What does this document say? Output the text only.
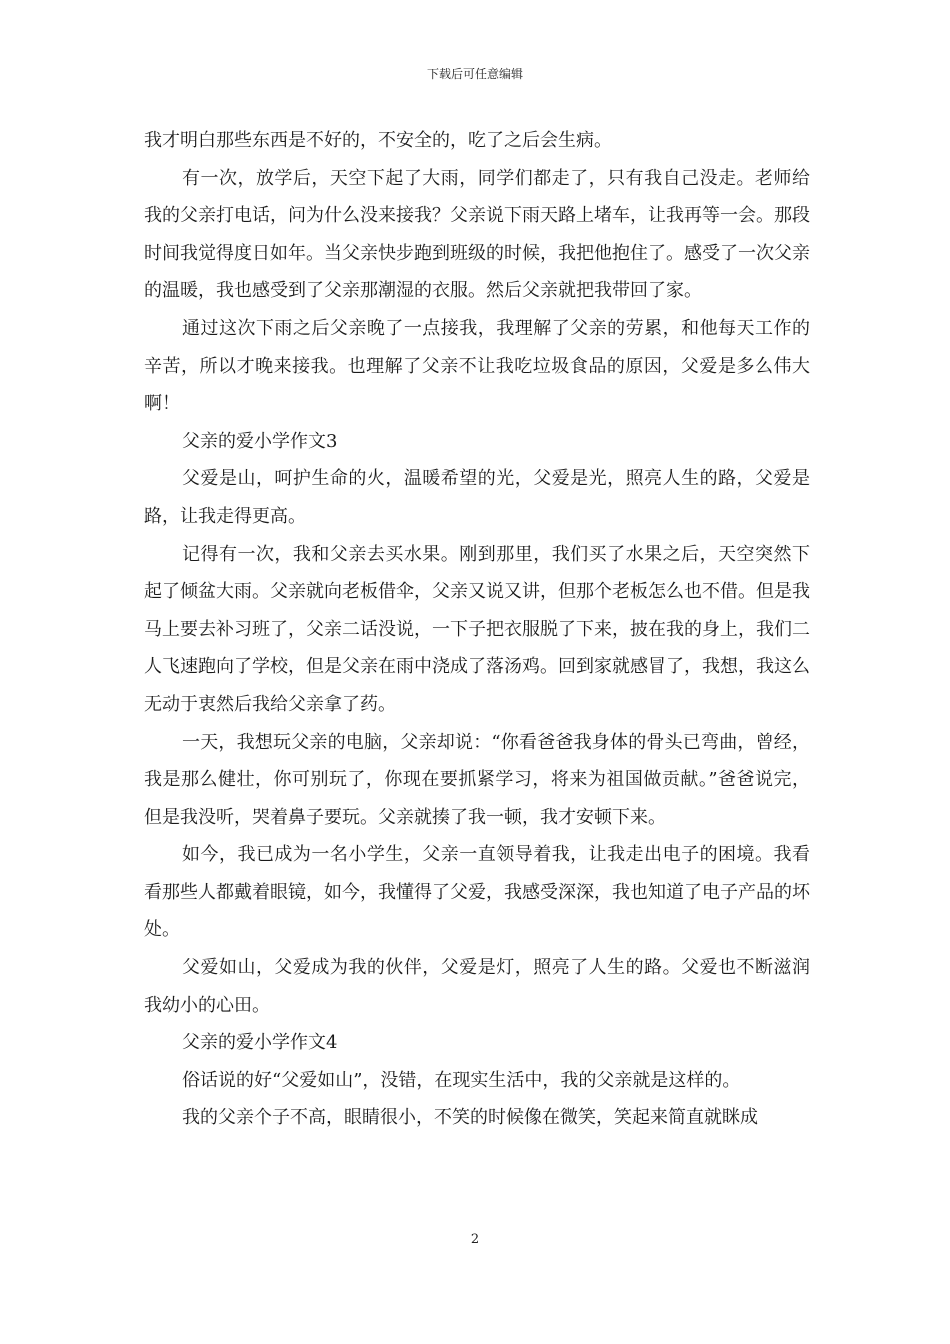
下载后可任意编辑

我才明白那些东西是不好的，不安全的，吃了之后会生病。

有一次，放学后，天空下起了大雨，同学们都走了，只有我自己没走。老师给我的父亲打电话，问为什么没来接我？父亲说下雨天路上堵车，让我再等一会。那段时间我觉得度日如年。当父亲快步跑到班级的时候，我把他抱住了。感受了一次父亲的温暖，我也感受到了父亲那潮湿的衣服。然后父亲就把我带回了家。

通过这次下雨之后父亲晚了一点接我，我理解了父亲的劳累，和他每天工作的辛苦，所以才晚来接我。也理解了父亲不让我吃垃圾食品的原因，父爱是多么伟大啊！

父亲的爱小学作文3

父爱是山，呵护生命的火，温暖希望的光，父爱是光，照亮人生的路，父爱是路，让我走得更高。

记得有一次，我和父亲去买水果。刚到那里，我们买了水果之后，天空突然下起了倾盆大雨。父亲就向老板借伞，父亲又说又讲，但那个老板怎么也不借。但是我马上要去补习班了，父亲二话没说，一下子把衣服脱了下来，披在我的身上，我们二人飞速跑向了学校，但是父亲在雨中浇成了落汤鸡。回到家就感冒了，我想，我这么无动于衷然后我给父亲拿了药。

一天，我想玩父亲的电脑，父亲却说：“你看爸爸我身体的骨头已弯曲，曾经，我是那么健壮，你可别玩了，你现在要抓紧学习，将来为祖国做贡献。”爸爸说完，但是我没听，哭着鼻子要玩。父亲就揍了我一顿，我才安顿下来。

如今，我已成为一名小学生，父亲一直领导着我，让我走出电子的困境。我看看那些人都戴着眼镜，如今，我懂得了父爱，我感受深深，我也知道了电子产品的坏处。

父爱如山，父爱成为我的伙伴，父爱是灯，照亮了人生的路。父爱也不断滋润我幼小的心田。

父亲的爱小学作文4

俗话说的好“父爱如山”，没错，在现实生活中，我的父亲就是这样的。

我的父亲个子不高，眼睛很小，不笑的时候像在微笑，笑起来简直就眯成

2
